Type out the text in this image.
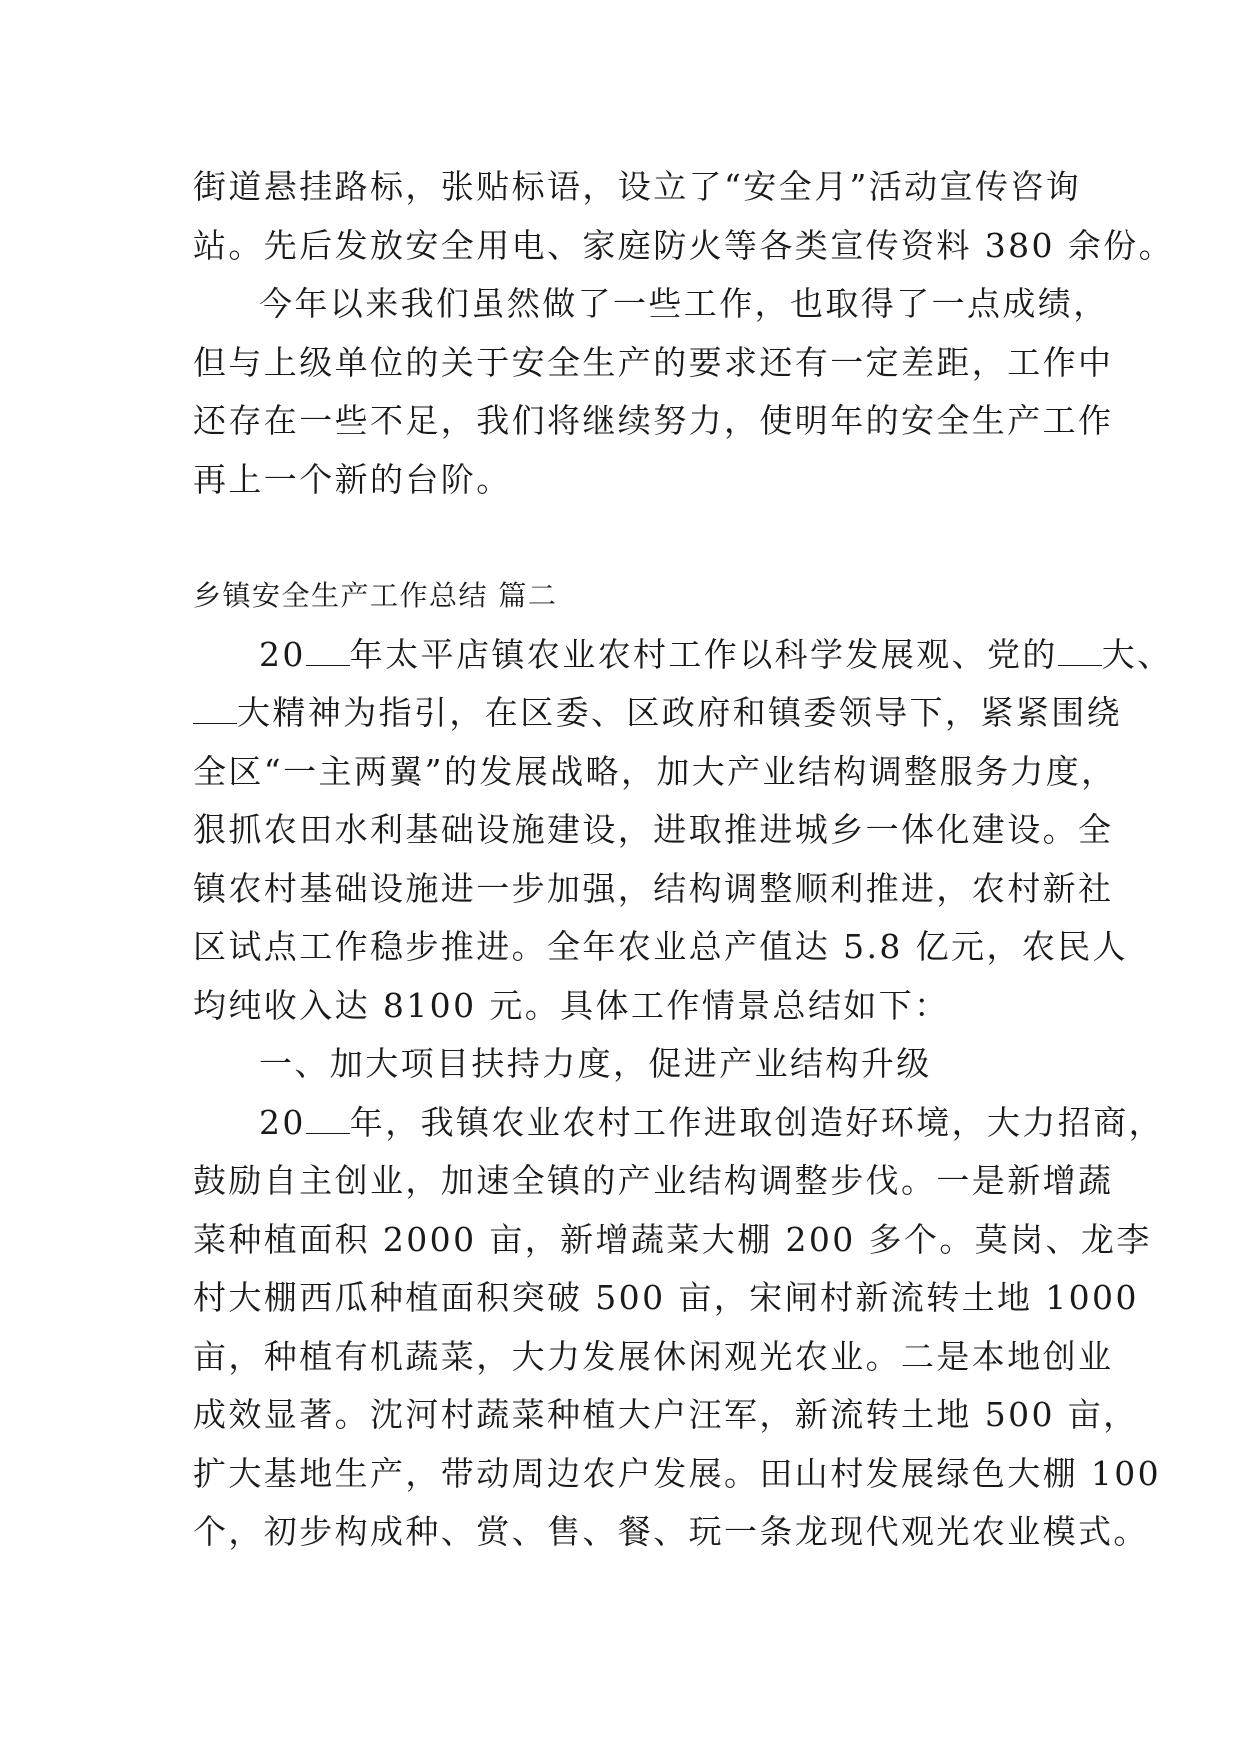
街道悬挂路标，张贴标语，设立了“安全月”活动宣传咨询
站。先后发放安全用电、家庭防火等各类宣传资料 380 余份。
今年以来我们虽然做了一些工作，也取得了一点成绩，
但与上级单位的关于安全生产的要求还有一定差距，工作中
还存在一些不足，我们将继续努力，使明年的安全生产工作
再上一个新的台阶。
乡镇安全生产工作总结 篇二
20 年太平店镇农业农村工作以科学发展观、党的 大、
大精神为指引，在区委、区政府和镇委领导下，紧紧围绕
全区“一主两翼”的发展战略，加大产业结构调整服务力度，
狠抓农田水利基础设施建设，进取推进城乡一体化建设。全
镇农村基础设施进一步加强，结构调整顺利推进，农村新社
区试点工作稳步推进。全年农业总产值达 5.8 亿元，农民人
均纯收入达 8100 元。具体工作情景总结如下：
一、加大项目扶持力度，促进产业结构升级
20 年，我镇农业农村工作进取创造好环境，大力招商，
鼓励自主创业，加速全镇的产业结构调整步伐。一是新增蔬
菜种植面积 2000 亩，新增蔬菜大棚 200 多个。莫岗、龙李
村大棚西瓜种植面积突破 500 亩，宋闸村新流转土地 1000
亩，种植有机蔬菜，大力发展休闲观光农业。二是本地创业
成效显著。沈河村蔬菜种植大户汪军，新流转土地 500 亩，
扩大基地生产，带动周边农户发展。田山村发展绿色大棚 100
个，初步构成种、赏、售、餐、玩一条龙现代观光农业模式。
